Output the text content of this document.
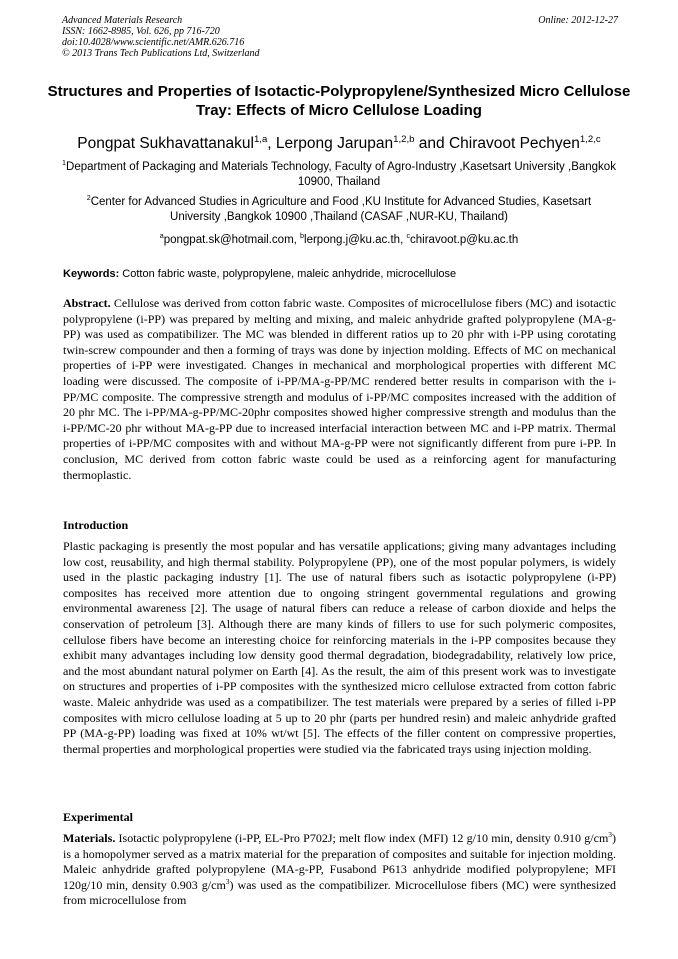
Advanced Materials Research
ISSN: 1662-8985, Vol. 626, pp 716-720
doi:10.4028/www.scientific.net/AMR.626.716
© 2013 Trans Tech Publications Ltd, Switzerland
Online: 2012-12-27
Structures and Properties of Isotactic-Polypropylene/Synthesized Micro Cellulose Tray: Effects of Micro Cellulose Loading
Pongpat Sukhavattanakul$^{1,a}$, Lerpong Jarupan$^{1,2,b}$ and Chiravoot Pechyen$^{1,2,c}$
$^1$Department of Packaging and Materials Technology, Faculty of Agro-Industry ,Kasetsart University ,Bangkok 10900, Thailand
$^2$Center for Advanced Studies in Agriculture and Food ,KU Institute for Advanced Studies, Kasetsart University ,Bangkok 10900 ,Thailand (CASAF ,NUR-KU, Thailand)
$^a$pongpat.sk@hotmail.com, $^b$lerpong.j@ku.ac.th, $^c$chiravoot.p@ku.ac.th
Keywords: Cotton fabric waste, polypropylene, maleic anhydride, microcellulose
Abstract. Cellulose was derived from cotton fabric waste. Composites of microcellulose fibers (MC) and isotactic polypropylene (i-PP) was prepared by melting and mixing, and maleic anhydride grafted polypropylene (MA-g-PP) was used as compatibilizer. The MC was blended in different ratios up to 20 phr with i-PP using corotating twin-screw compounder and then a forming of trays was done by injection molding. Effects of MC on mechanical properties of i-PP were investigated. Changes in mechanical and morphological properties with different MC loading were discussed. The composite of i-PP/MA-g-PP/MC rendered better results in comparison with the i-PP/MC composite. The compressive strength and modulus of i-PP/MC composites increased with the addition of 20 phr MC. The i-PP/MA-g-PP/MC-20phr composites showed higher compressive strength and modulus than the i-PP/MC-20 phr without MA-g-PP due to increased interfacial interaction between MC and i-PP matrix. Thermal properties of i-PP/MC composites with and without MA-g-PP were not significantly different from pure i-PP. In conclusion, MC derived from cotton fabric waste could be used as a reinforcing agent for manufacturing thermoplastic.
Introduction
Plastic packaging is presently the most popular and has versatile applications; giving many advantages including low cost, reusability, and high thermal stability. Polypropylene (PP), one of the most popular polymers, is widely used in the plastic packaging industry [1]. The use of natural fibers such as isotactic polypropylene (i-PP) composites has received more attention due to ongoing stringent governmental regulations and growing environmental awareness [2]. The usage of natural fibers can reduce a release of carbon dioxide and helps the conservation of petroleum [3]. Although there are many kinds of fillers to use for such polymeric composites, cellulose fibers have become an interesting choice for reinforcing materials in the i-PP composites because they exhibit many advantages including low density good thermal degradation, biodegradability, relatively low price, and the most abundant natural polymer on Earth [4]. As the result, the aim of this present work was to investigate on structures and properties of i-PP composites with the synthesized micro cellulose extracted from cotton fabric waste. Maleic anhydride was used as a compatibilizer. The test materials were prepared by a series of filled i-PP composites with micro cellulose loading at 5 up to 20 phr (parts per hundred resin) and maleic anhydride grafted PP (MA-g-PP) loading was fixed at 10% wt/wt [5]. The effects of the filler content on compressive properties, thermal properties and morphological properties were studied via the fabricated trays using injection molding.
Experimental
Materials. Isotactic polypropylene (i-PP, EL-Pro P702J; melt flow index (MFI) 12 g/10 min, density 0.910 $g/cm^3$) is a homopolymer served as a matrix material for the preparation of composites and suitable for injection molding. Maleic anhydride grafted polypropylene (MA-g-PP, Fusabond P613 anhydride modified polypropylene; MFI 120g/10 min, density 0.903 $g/cm^3$) was used as the compatibilizer. Microcellulose fibers (MC) were synthesized from microcellulose from
